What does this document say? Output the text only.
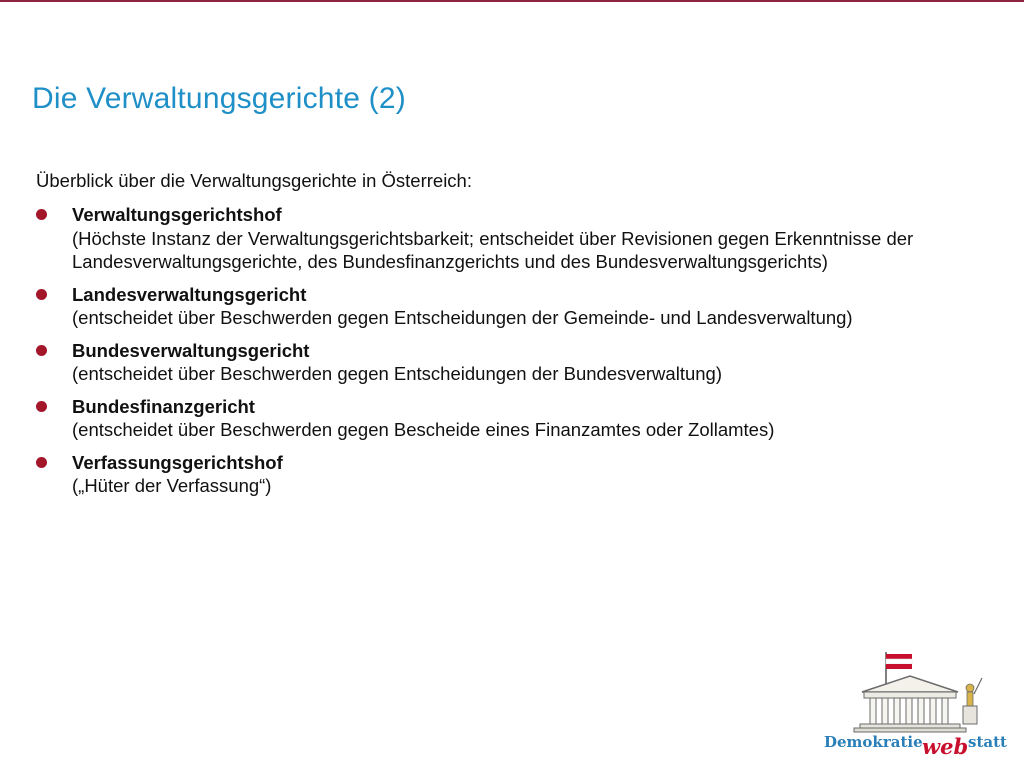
Die Verwaltungsgerichte (2)

Überblick über die Verwaltungsgerichte in Österreich:

Verwaltungsgerichtshof
(Höchste Instanz der Verwaltungsgerichtsbarkeit; entscheidet über Revisionen gegen Erkenntnisse der Landesverwaltungsgerichte, des Bundesfinanzgerichts und des Bundesverwaltungsgerichts)
Landesverwaltungsgericht
(entscheidet über Beschwerden gegen Entscheidungen der Gemeinde- und Landesverwaltung)
Bundesverwaltungsgericht
(entscheidet über Beschwerden gegen Entscheidungen der Bundesverwaltung)
Bundesfinanzgericht
(entscheidet über Beschwerden gegen Bescheide eines Finanzamtes oder Zollamtes)
Verfassungsgerichtshof
(„Hüter der Verfassung“)
Demokratie web statt
